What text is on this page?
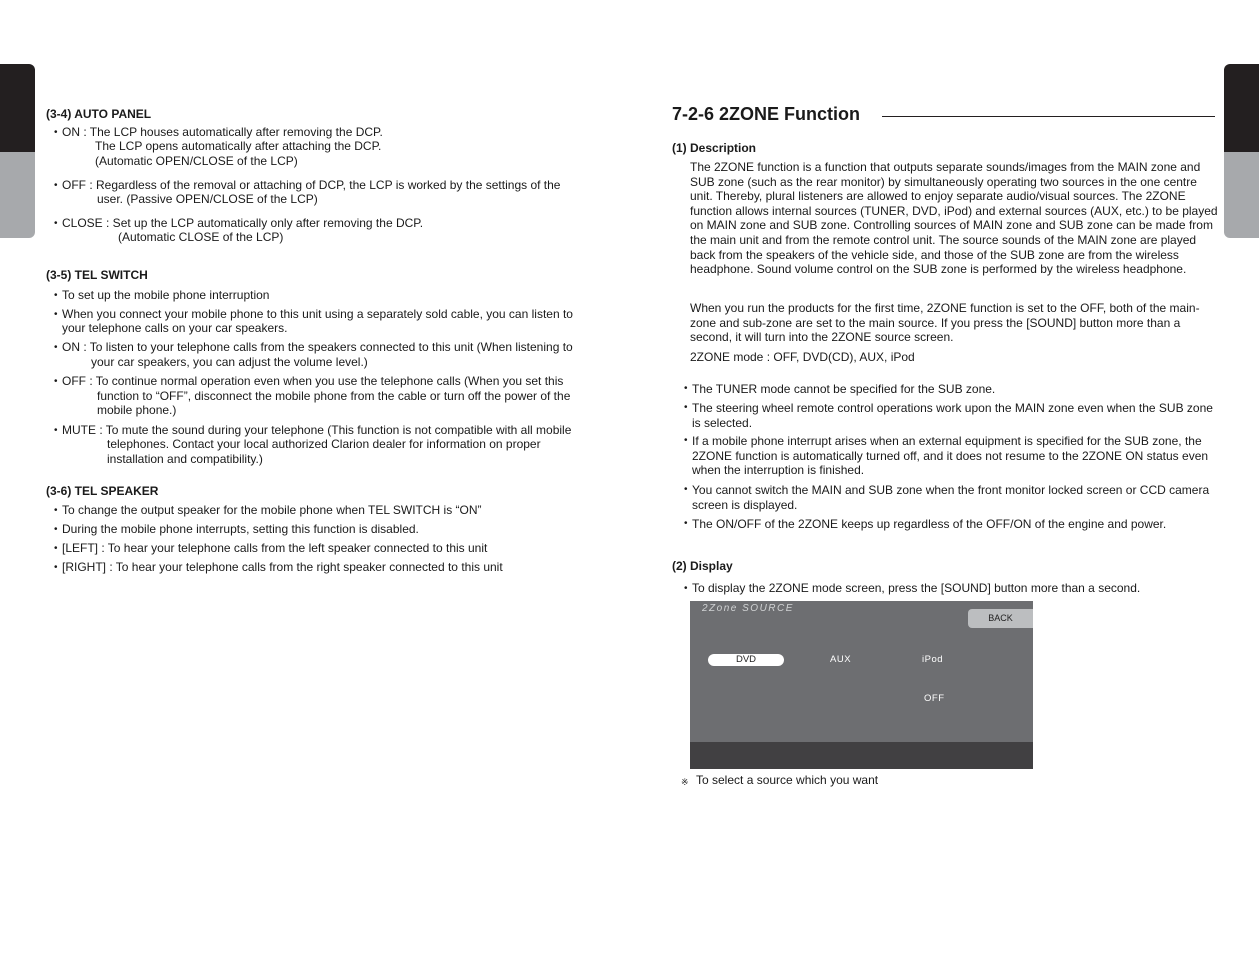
(3-4) AUTO PANEL
• ON : The LCP houses automatically after removing the DCP.
The LCP opens automatically after attaching the DCP.
(Automatic OPEN/CLOSE of the LCP)
• OFF : Regardless of the removal or attaching of DCP, the LCP is worked by the settings of the
user. (Passive OPEN/CLOSE of the LCP)
• CLOSE : Set up the LCP automatically only after removing the DCP.
(Automatic CLOSE of the LCP)
(3-5) TEL SWITCH
• To set up the mobile phone interruption
• When you connect your mobile phone to this unit using a separately sold cable, you can listen to
your telephone calls on your car speakers.
• ON : To listen to your telephone calls from the speakers connected to this unit (When listening to
your car speakers, you can adjust the volume level.)
• OFF : To continue normal operation even when you use the telephone calls (When you set this
function to “OFF”, disconnect the mobile phone from the cable or turn off the power of the
mobile phone.)
• MUTE : To mute the sound during your telephone (This function is not compatible with all mobile
telephones. Contact your local authorized Clarion dealer for information on proper
installation and compatibility.)
(3-6) TEL SPEAKER
• To change the output speaker for the mobile phone when TEL SWITCH is “ON”
• During the mobile phone interrupts, setting this function is disabled.
• [LEFT] : To hear your telephone calls from the left speaker connected to this unit
• [RIGHT] : To hear your telephone calls from the right speaker connected to this unit
7-2-6 2ZONE Function
(1) Description
The 2ZONE function is a function that outputs separate sounds/images from the MAIN zone and SUB zone (such as the rear monitor) by simultaneously operating two sources in the one centre unit. Thereby, plural listeners are allowed to enjoy separate audio/visual sources. The 2ZONE function allows internal sources (TUNER, DVD, iPod) and external sources (AUX, etc.) to be played on MAIN zone and SUB zone. Controlling sources of MAIN zone and SUB zone can be made from the main unit and from the remote control unit. The source sounds of the MAIN zone are played back from the speakers of the vehicle side, and those of the SUB zone are from the wireless headphone. Sound volume control on the SUB zone is performed by the wireless headphone.
When you run the products for the first time, 2ZONE function is set to the OFF, both of the main-zone and sub-zone are set to the main source. If you press the [SOUND] button more than a second, it will turn into the 2ZONE source screen.
2ZONE mode : OFF, DVD(CD), AUX, iPod
• The TUNER mode cannot be specified for the SUB zone.
• The steering wheel remote control operations work upon the MAIN zone even when the SUB zone is selected.
• If a mobile phone interrupt arises when an external equipment is specified for the SUB zone, the 2ZONE function is automatically turned off, and it does not resume to the 2ZONE ON status even when the interruption is finished.
• You cannot switch the MAIN and SUB zone when the front monitor locked screen or CCD camera screen is displayed.
• The ON/OFF of the 2ZONE keeps up regardless of the OFF/ON of the engine and power.
(2) Display
• To display the 2ZONE mode screen, press the [SOUND] button more than a second.
2Zone SOURCE
BACK
DVD	AUX	iPod
OFF
※ To select a source which you want
